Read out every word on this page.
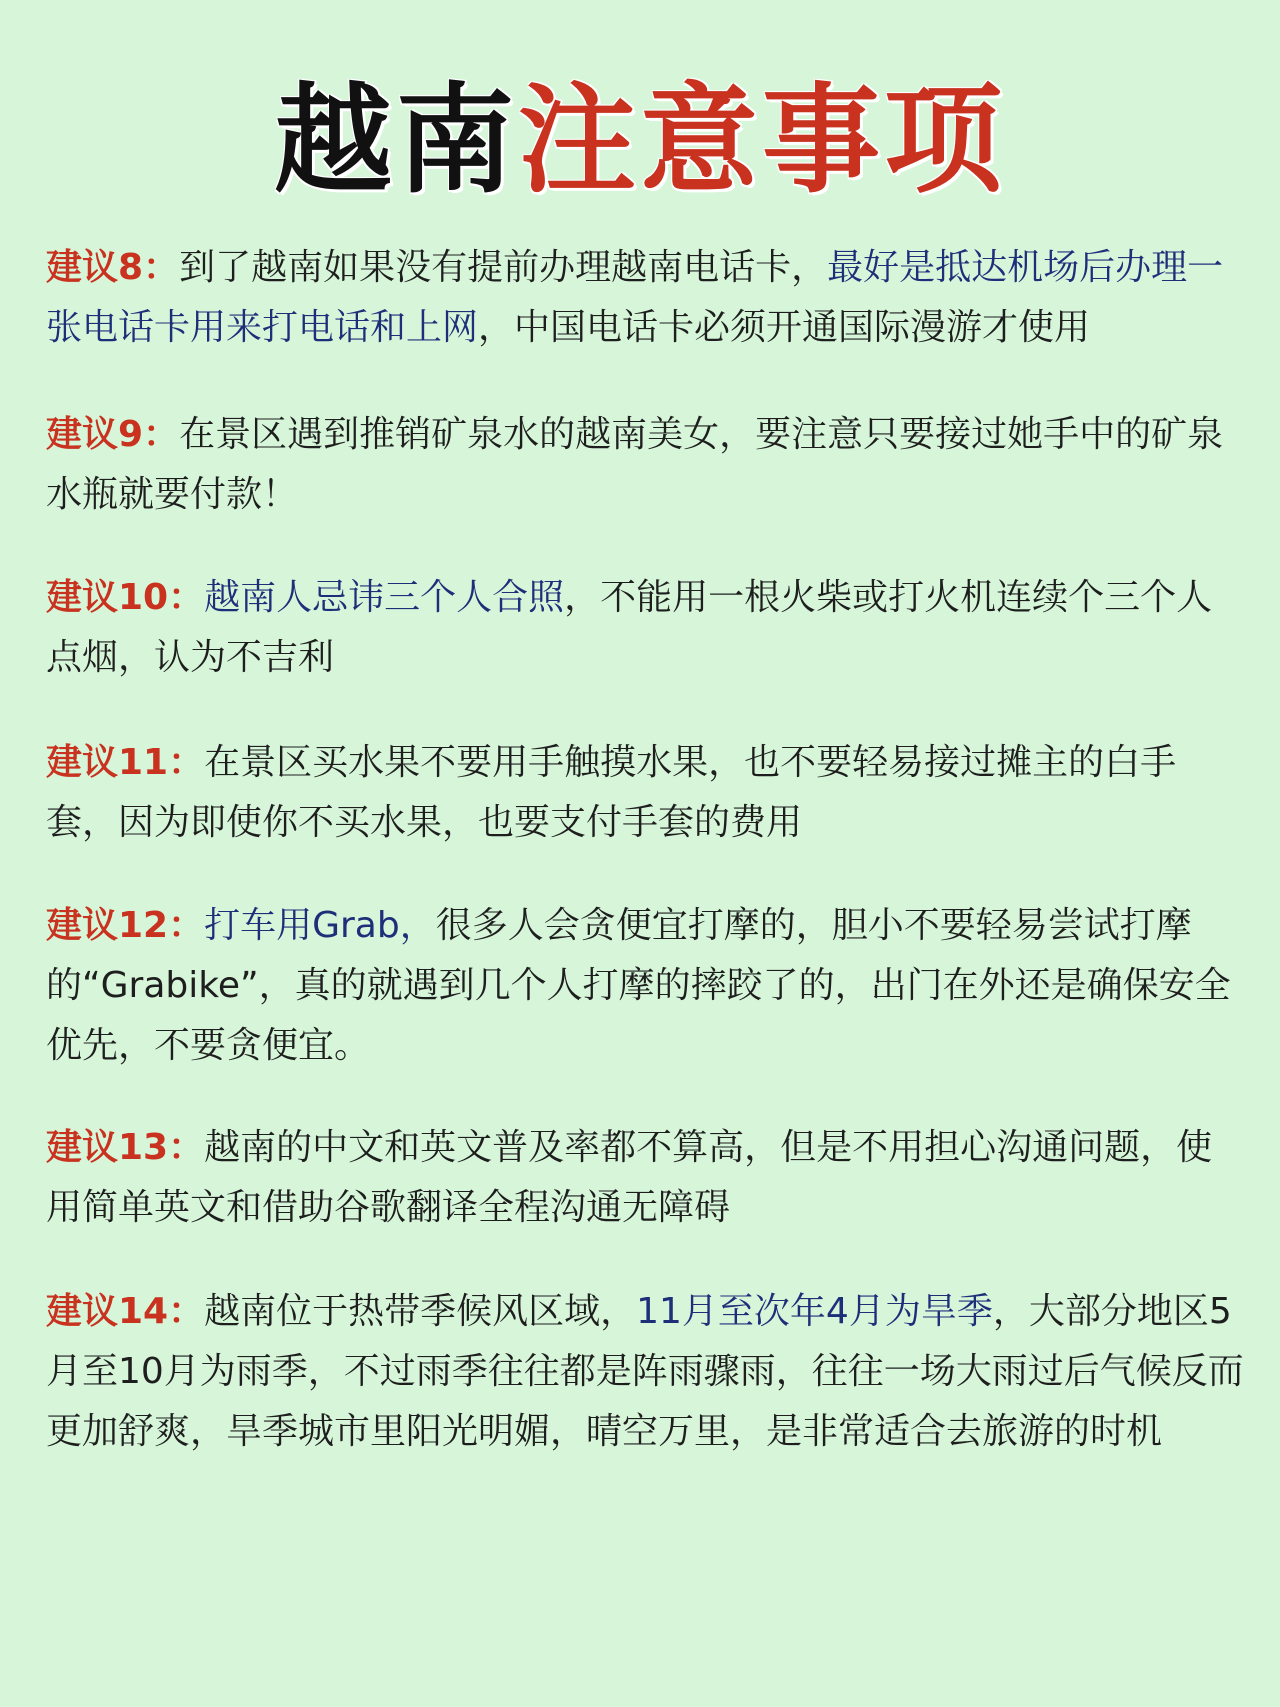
越南注意事项
建议8：到了越南如果没有提前办理越南电话卡，最好是抵达机场后办理一张电话卡用来打电话和上网，中国电话卡必须开通国际漫游才使用
建议9：在景区遇到推销矿泉水的越南美女，要注意只要接过她手中的矿泉水瓶就要付款！
建议10：越南人忌讳三个人合照，不能用一根火柴或打火机连续个三个人点烟，认为不吉利
建议11：在景区买水果不要用手触摸水果，也不要轻易接过摊主的白手套，因为即使你不买水果，也要支付手套的费用
建议12：打车用Grab，很多人会贪便宜打摩的，胆小不要轻易尝试打摩的“Grabike”，真的就遇到几个人打摩的摔跤了的，出门在外还是确保安全优先，不要贪便宜。
建议13：越南的中文和英文普及率都不算高，但是不用担心沟通问题，使用简单英文和借助谷歌翻译全程沟通无障碍
建议14：越南位于热带季候风区域，11月至次年4月为旱季，大部分地区5月至10月为雨季，不过雨季往往都是阵雨骤雨，往往一场大雨过后气候反而更加舒爽，旱季城市里阳光明媚，晴空万里，是非常适合去旅游的时机
